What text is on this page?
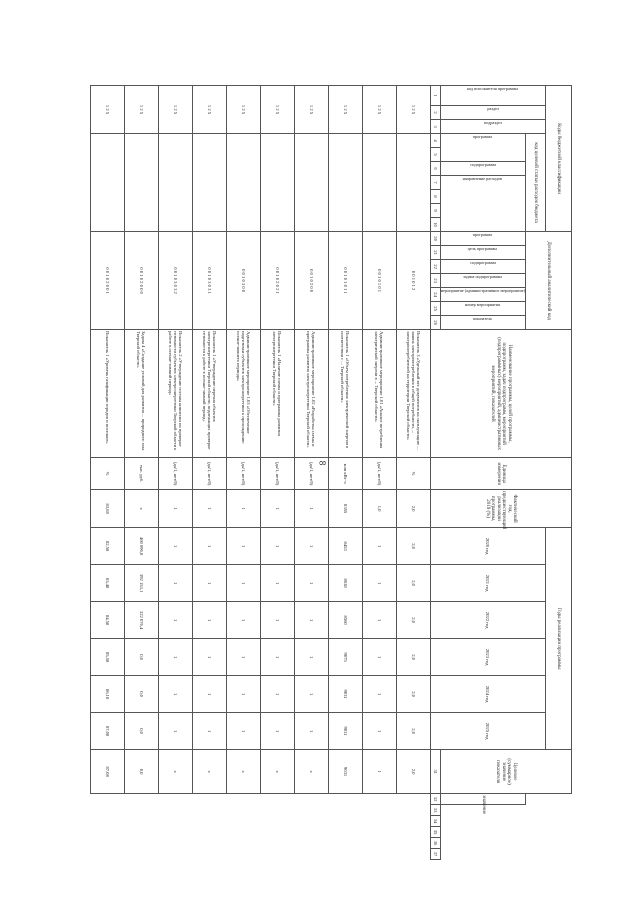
8
Коды бюджетной классификации										Дополнительный аналитический код							Наименование программы, целей программы, подпрограмм, задач подпрограмм, мероприятий (подпрограммных) мероприятий, административных мероприятий, показателей	Единица измерения	Фактический год, предшествующий реализации программы, 2019 (%)	Годы реализации программы						Целевое (суммарное) значение показателя						

код исполнителя программы	раздел	подраздел	код целевой статьи расходов бюджета																	2020 год	2021 год	2022 год	2023 год	2024 год	2025 год							

			программа		подпрограмма	направление расходов				программа	цель программы	подпрограмма	задача подпрограммы	мероприятие (административное мероприятие)	номер мероприятия	показатель											значение					
1	2	3	4	5	6	7	8	9	10	20	21	22	23	24	25	26										31	32	33	34	35	36	37
1 2 5										0 0 1 0 1 2							Показатель 3 «Удельный вес документов на эксплуатацию ... заявок электропотребления в общей потребности, ... электропотребителей на территории Тверской области»	%	2,0	2,0	2,0	2,0	2,0	2,0	2,0	2,0						
1 2 5										0 0 1 0 1 0 1							Административное мероприятие 1.01 «Анализ потребления электрической энергии в ... Тверской области»	(да/1, нет/0)	1,0	1	1	1	1	1	1	1						
1 2 5										0 0 1 0 1 0 1 1							Показатель 1 «Объем потребления электрической энергии в соответствии с ... Тверской области»	млн кВт·ч	8355	8453	8638	8560	9075	9031	9031	9031						
1 2 5										0 0 1 0 2 0 0							Административное мероприятие 1.02 «Разработка схемы и программы развития электроэнергетики Тверской области»	(да/1, нет/0)	1	1	1	1	1	1	1	х						
1 2 5										0 0 1 0 2 0 2 1							Показатель 1 «Наличие схемы и программы развития электроэнергетики Тверской области»	(да/1, нет/0)	1	1	1	1	1	1	1	х						
1 2 5										0 0 1 0 3 0 0							Административное мероприятие 1.03 «Обеспечение подготовки субъектов электроэнергетики к прохождению осенне-зимнего периода»	(да/1, нет/0)	1	1	1	1	1	1	1	х						
1 2 5										0 0 1 0 3 0 3 1							Показатель 1 «Утверждение перечня объектов электроэнергетики Тверской области, подлежащих проверке готовности к работе в осенне-зимний период»	(да/1, нет/0)	1	1	1	1	1	1	1	х						
1 2 5										0 0 1 0 3 0 3 2							Показатель 2 «Утверждение состава комиссии по проверке готовности субъектов электроэнергетики Тверской области к работе в осенне-зимний период»	(да/1, нет/0)	1	1	1	1	1	1	1	х						
1 2 5										0 0 1 0 2 0 0 0							Задача 4 «Создание условий для развития ... природного газа Тверской области»	тыс. руб.	х	460 696,8	392 153,1	322 076,4	0,0	0,0	0,0	0,0						
1 2 5										0 0 1 0 2 0 0 1							Показатель 1 «Уровень газификации городов и поселков»	%	83,68	82,58	83,48	84,58	85,58	86,18	87,08	87,08						
